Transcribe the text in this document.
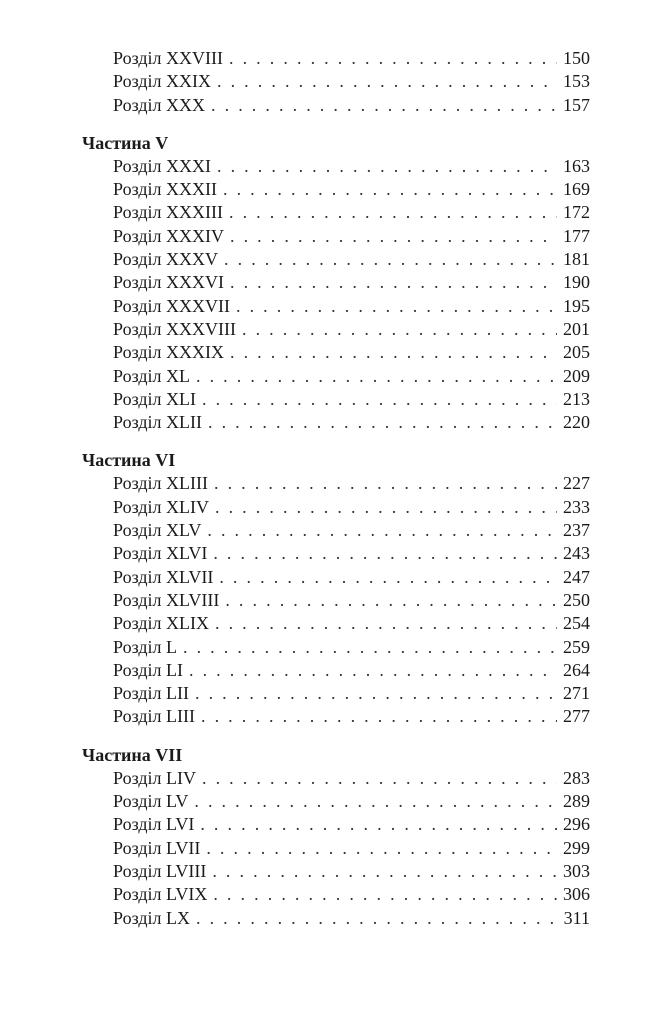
Розділ XXVIII . . .	150
Розділ XXIX . . .	153
Розділ XXX . . .	157
Частина V
Розділ XXXI . . .	163
Розділ XXXII . . .	169
Розділ XXXIII . . .	172
Розділ XXXIV . . .	177
Розділ XXXV . . .	181
Розділ XXXVI . . .	190
Розділ XXXVII . . .	195
Розділ XXXVIII . . .	201
Розділ XXXIX . . .	205
Розділ XL . . .	209
Розділ XLI . . .	213
Розділ XLII . . .	220
Частина VI
Розділ XLIII . . .	227
Розділ XLIV . . .	233
Розділ XLV . . .	237
Розділ XLVI . . .	243
Розділ XLVII . . .	247
Розділ XLVIII . . .	250
Розділ XLIX . . .	254
Розділ L . . .	259
Розділ LI . . .	264
Розділ LII . . .	271
Розділ LIII . . .	277
Частина VII
Розділ LIV . . .	283
Розділ LV . . .	289
Розділ LVI . . .	296
Розділ LVII . . .	299
Розділ LVIII . . .	303
Розділ LVIX . . .	306
Розділ LX . . .	311
